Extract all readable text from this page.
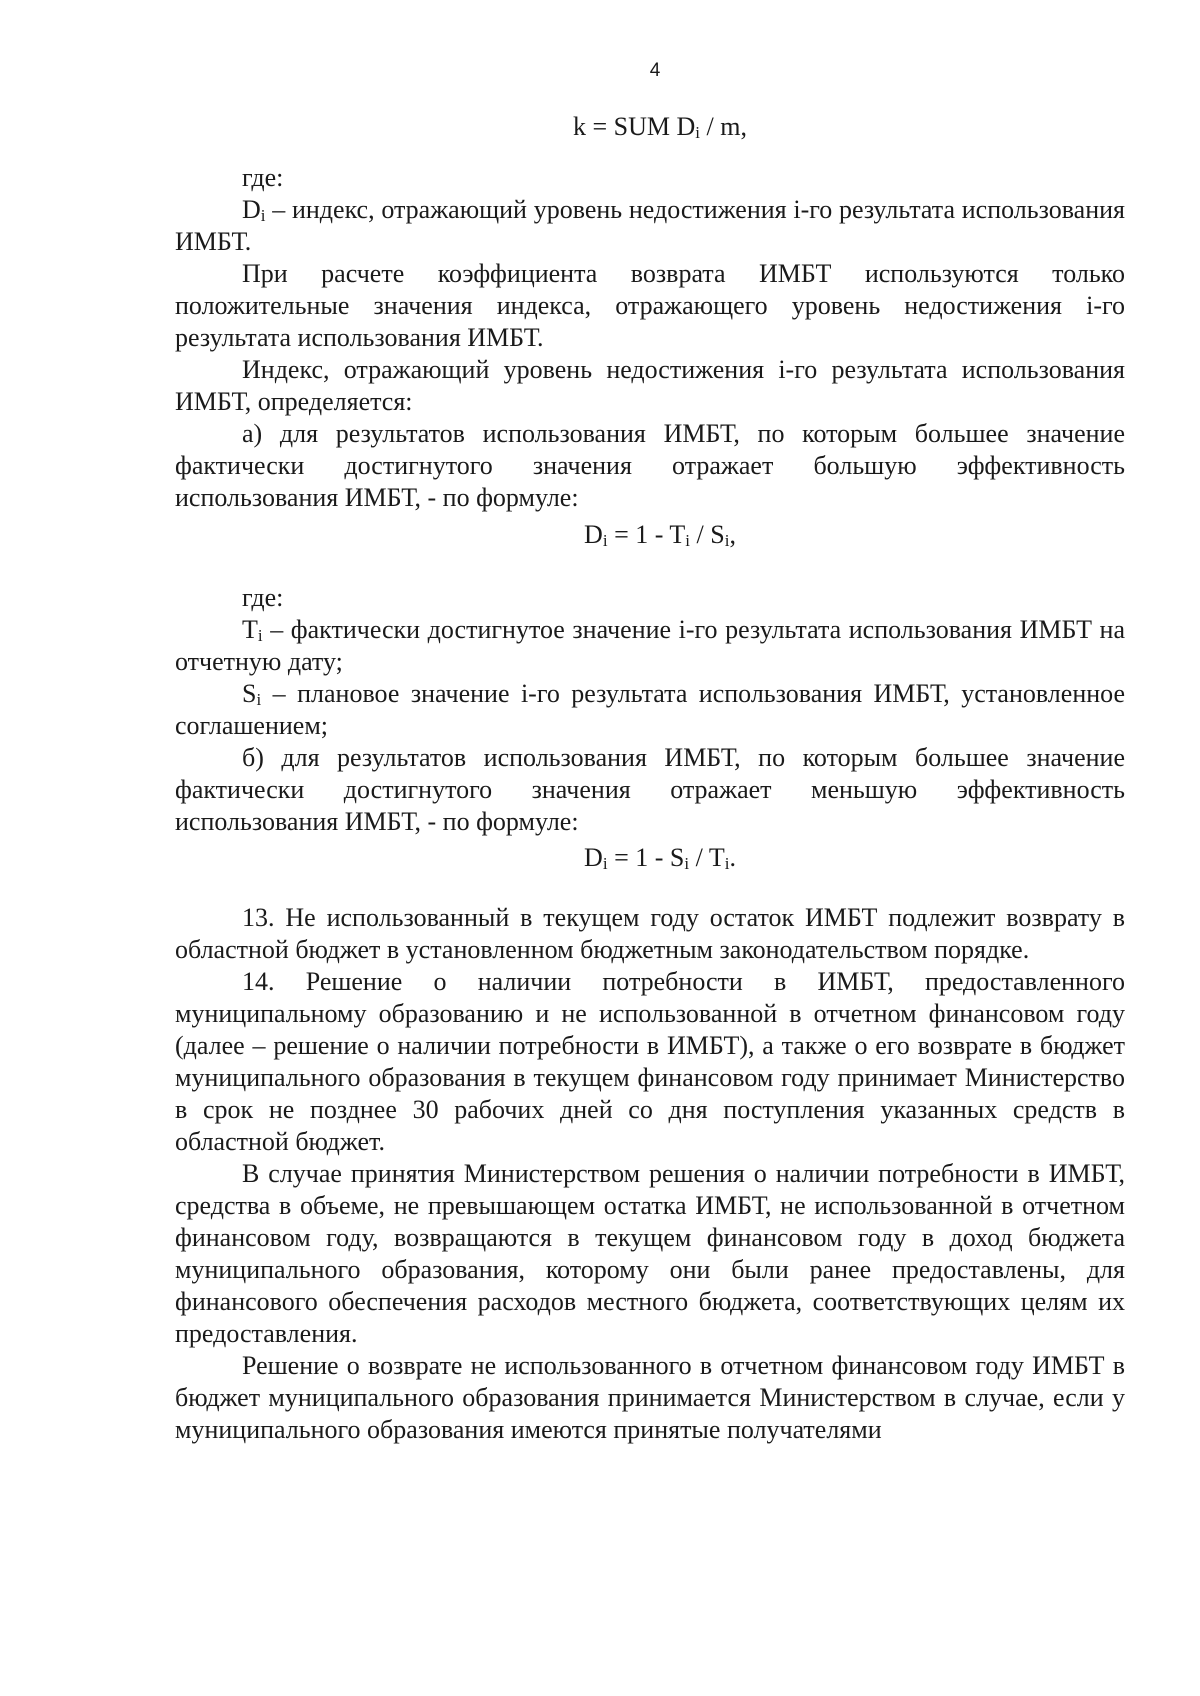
4
k = SUM $D_i$ / m,

где:

$D_i$ – индекс, отражающий уровень недостижения i-го результата использования ИМБТ.

При расчете коэффициента возврата ИМБТ используются только положительные значения индекса, отражающего уровень недостижения i-го результата использования ИМБТ.

Индекс, отражающий уровень недостижения i-го результата использования ИМБТ, определяется:

а) для результатов использования ИМБТ, по которым большее значение фактически достигнутого значения отражает большую эффективность использования ИМБТ, - по формуле:

$D_i = 1 - T_i / S_i$,

где:

$T_i$ – фактически достигнутое значение i-го результата использования ИМБТ на отчетную дату;

$S_i$ – плановое значение i-го результата использования ИМБТ, установленное соглашением;

б) для результатов использования ИМБТ, по которым большее значение фактически достигнутого значения отражает меньшую эффективность использования ИМБТ, - по формуле:

$D_i = 1 - S_i / T_i$.

13. Не использованный в текущем году остаток ИМБТ подлежит возврату в областной бюджет в установленном бюджетным законодательством порядке.

14. Решение о наличии потребности в ИМБТ, предоставленного муниципальному образованию и не использованной в отчетном финансовом году (далее – решение о наличии потребности в ИМБТ), а также о его возврате в бюджет муниципального образования в текущем финансовом году принимает Министерство в срок не позднее 30 рабочих дней со дня поступления указанных средств в областной бюджет.

В случае принятия Министерством решения о наличии потребности в ИМБТ, средства в объеме, не превышающем остатка ИМБТ, не использованной в отчетном финансовом году, возвращаются в текущем финансовом году в доход бюджета муниципального образования, которому они были ранее предоставлены, для финансового обеспечения расходов местного бюджета, соответствующих целям их предоставления.

Решение о возврате не использованного в отчетном финансовом году ИМБТ в бюджет муниципального образования принимается Министерством в случае, если у муниципального образования имеются принятые получателями
